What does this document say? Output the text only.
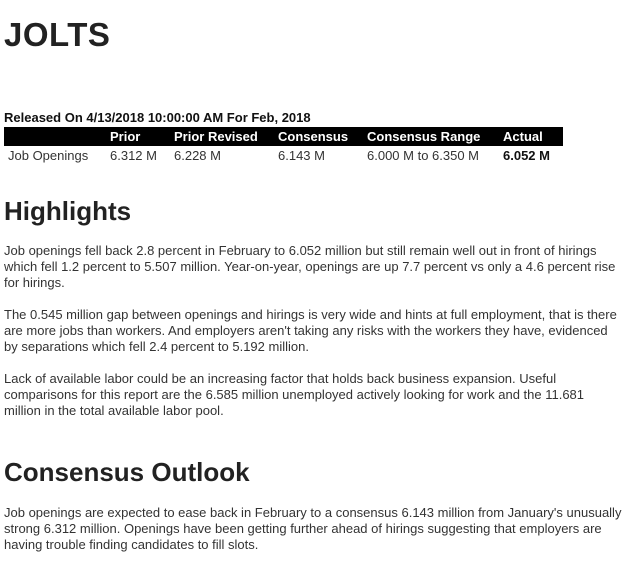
JOLTS
Released On 4/13/2018 10:00:00 AM For Feb, 2018
	Prior	Prior Revised	Consensus	Consensus Range	Actual
Job Openings	6.312 M	6.228 M	6.143 M	6.000 M to 6.350 M	6.052 M
Highlights

Job openings fell back 2.8 percent in February to 6.052 million but still remain well out in front of hirings which fell 1.2 percent to 5.507 million. Year-on-year, openings are up 7.7 percent vs only a 4.6 percent rise for hirings.

The 0.545 million gap between openings and hirings is very wide and hints at full employment, that is there are more jobs than workers. And employers aren't taking any risks with the workers they have, evidenced by separations which fell 2.4 percent to 5.192 million.

Lack of available labor could be an increasing factor that holds back business expansion. Useful comparisons for this report are the 6.585 million unemployed actively looking for work and the 11.681 million in the total available labor pool.

Consensus Outlook

Job openings are expected to ease back in February to a consensus 6.143 million from January's unusually strong 6.312 million. Openings have been getting further ahead of hirings suggesting that employers are having trouble finding candidates to fill slots.
